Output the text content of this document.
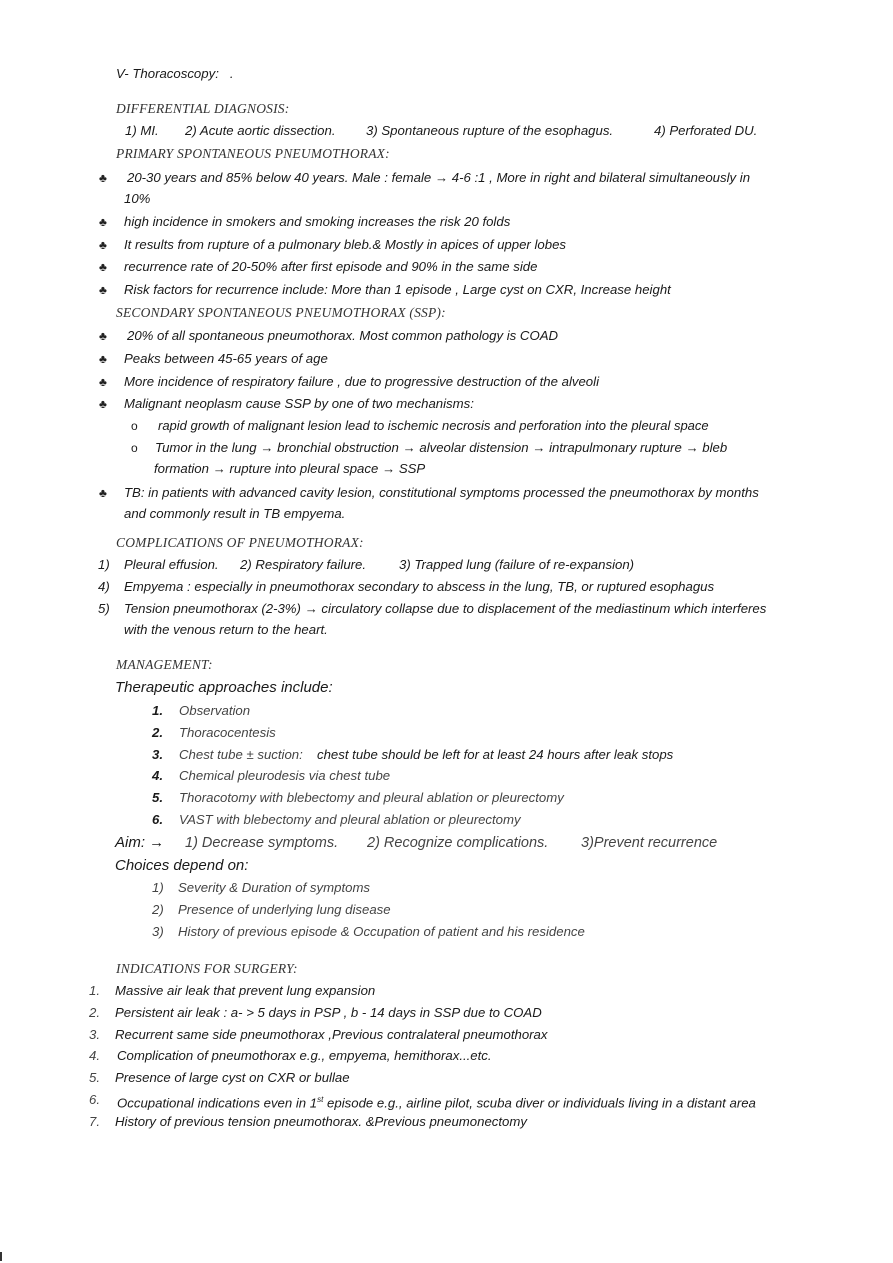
V- Thoracoscopy: .
DIFFERENTIAL DIAGNOSIS:
1) MI. 2) Acute aortic dissection. 3) Spontaneous rupture of the esophagus.	4) Perforated DU.
PRIMARY SPONTANEOUS PNEUMOTHORAX:
♣ 20-30 years and 85% below 40 years. Male : female → 4-6 :1 , More in right and bilateral simultaneously in
10%
♣ high incidence in smokers and smoking increases the risk 20 folds
♣ It results from rupture of a pulmonary bleb.& Mostly in apices of upper lobes
♣ recurrence rate of 20-50% after first episode and 90% in the same side
♣ Risk factors for recurrence include: More than 1 episode , Large cyst on CXR, Increase height
SECONDARY SPONTANEOUS PNEUMOTHORAX (SSP):
♣ 20% of all spontaneous pneumothorax. Most common pathology is COAD
♣ Peaks between 45-65 years of age
♣ More incidence of respiratory failure , due to progressive destruction of the alveoli
♣ Malignant neoplasm cause SSP by one of two mechanisms:
o rapid growth of malignant lesion lead to ischemic necrosis and perforation into the pleural space
o Tumor in the lung → bronchial obstruction → alveolar distension → intrapulmonary rupture → bleb
formation → rupture into pleural space → SSP
♣ TB: in patients with advanced cavity lesion, constitutional symptoms processed the pneumothorax by months
and commonly result in TB empyema.
COMPLICATIONS OF PNEUMOTHORAX:
1) Pleural effusion. 2) Respiratory failure. 3) Trapped lung (failure of re-expansion)
4) Empyema : especially in pneumothorax secondary to abscess in the lung, TB, or ruptured esophagus
5) Tension pneumothorax (2-3%) → circulatory collapse due to displacement of the mediastinum which interferes
with the venous return to the heart.
MANAGEMENT:
Therapeutic approaches include:
1. Observation
2. Thoracocentesis
3. Chest tube ± suction: chest tube should be left for at least 24 hours after leak stops
4. Chemical pleurodesis via chest tube
5. Thoracotomy with blebectomy and pleural ablation or pleurectomy
6. VAST with blebectomy and pleural ablation or pleurectomy
Aim: → 1) Decrease symptoms. 2) Recognize complications. 3)Prevent recurrence
Choices depend on:
1) Severity & Duration of symptoms
2) Presence of underlying lung disease
3) History of previous episode & Occupation of patient and his residence
INDICATIONS FOR SURGERY:
1. Massive air leak that prevent lung expansion
2. Persistent air leak : a- > 5 days in PSP , b - 14 days in SSP due to COAD
3. Recurrent same side pneumothorax ,Previous contralateral pneumothorax
4. Complication of pneumothorax e.g., empyema, hemithorax...etc.
5. Presence of large cyst on CXR or bullae
6. Occupational indications even in 1st episode e.g., airline pilot, scuba diver or individuals living in a distant area
7. History of previous tension pneumothorax. &Previous pneumonectomy
